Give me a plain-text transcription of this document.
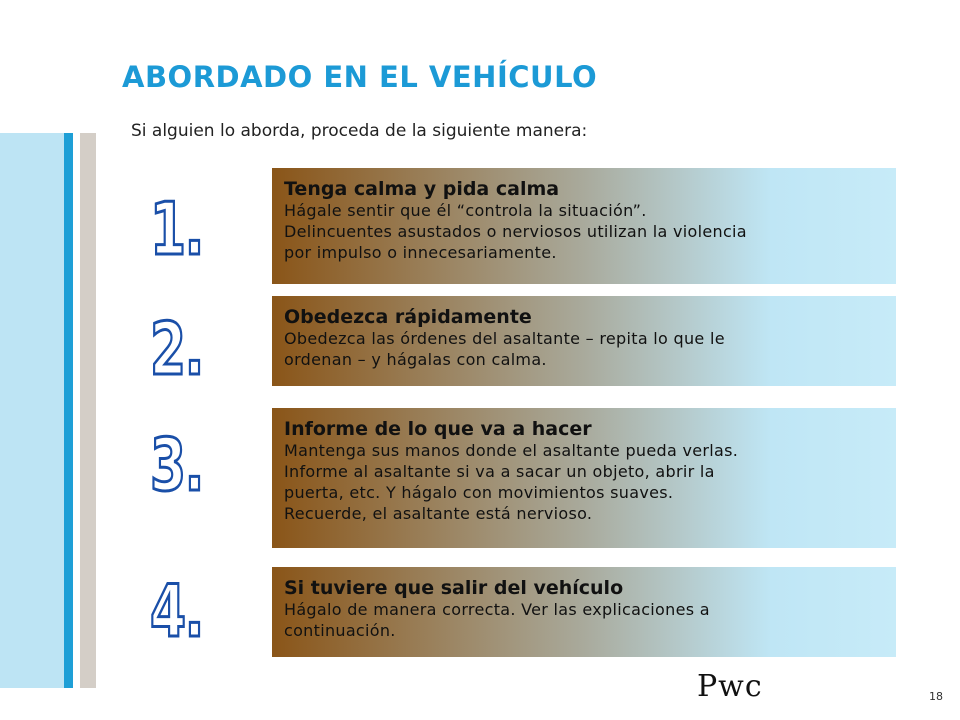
ABORDADO EN EL VEHÍCULO
Si alguien lo aborda, proceda de la siguiente manera:
1.	Tenga calma y pida calma
Hágale sentir que él “controla la situación”.
Delincuentes asustados o nerviosos utilizan la violencia
por impulso o innecesariamente.
2.	Obedezca rápidamente
Obedezca las órdenes del asaltante – repita lo que le
ordenan – y hágalas con calma.
3.	Informe de lo que va a hacer
Mantenga sus manos donde el asaltante pueda verlas.
Informe al asaltante si va a sacar un objeto, abrir la
puerta, etc. Y hágalo con movimientos suaves.
Recuerde, el asaltante está nervioso.
4.	Si tuviere que salir del vehículo
Hágalo de manera correcta. Ver las explicaciones a
continuación.
Pwc	18
